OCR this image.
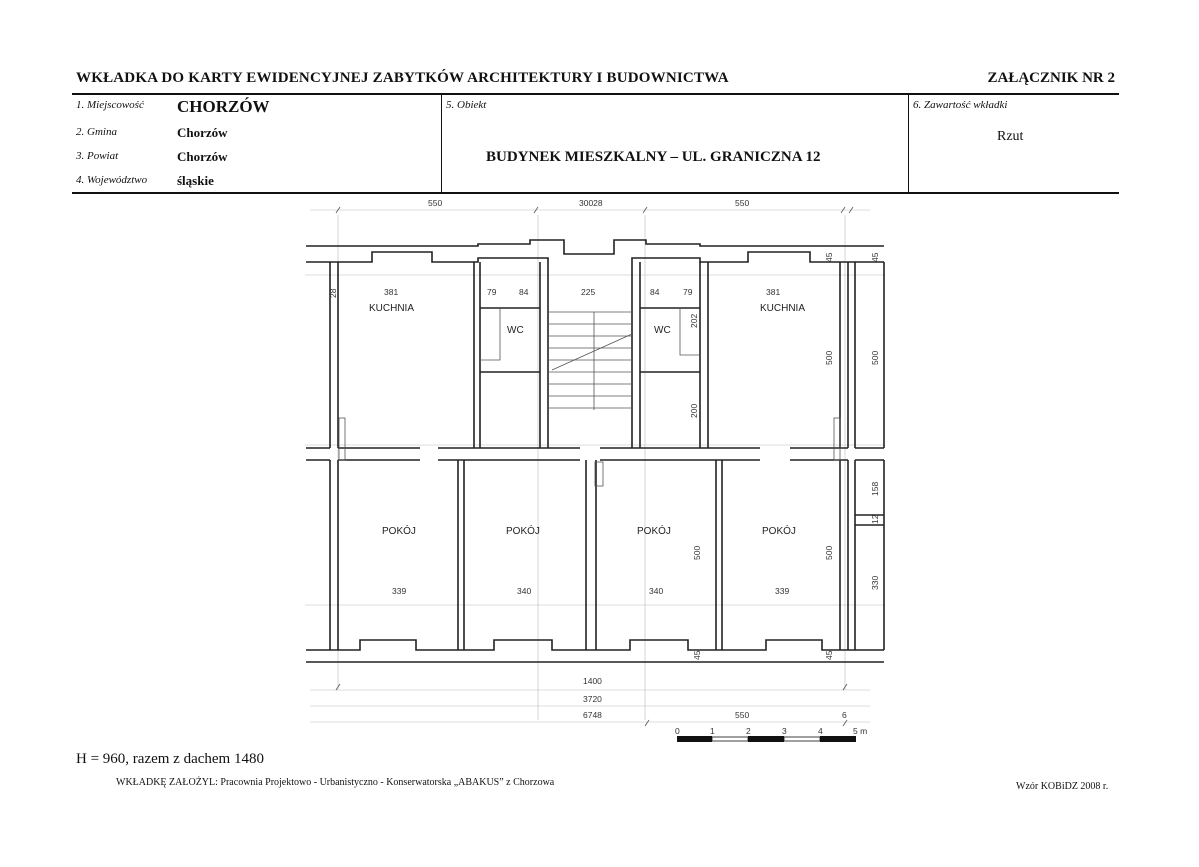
WKŁADKA DO KARTY EWIDENCYJNEJ ZABYTKÓW ARCHITEKTURY I BUDOWNICTWA	ZAŁĄCZNIK NR 2
1. Miejscowość CHORZÓW
2. Gmina	Chorzów
3. Powiat	Chorzów
4. Województwo śląskie
5. Obiekt
BUDYNEK MIESZKALNY – UL. GRANICZNA 12
6. Zawartość wkładki
Rzut
KUCHNIA	KUCHNIA
WC	WC
POKÓJ	POKÓJ	POKÓJ	POKÓJ
550	30028	550
381	381
79	84	225	84	79
339	340	340	339
500	500
500	500
200
202
45	45
45	45
158
12
330
28
1400
3720
6748	550	6
0	1	2	3	4	5 m
H = 960, razem z dachem 1480
WKŁADKĘ ZAŁOŻYL: Pracownia Projektowo - Urbanistyczno - Konserwatorska „ABAKUS” z Chorzowa	Wzór KOBiDZ 2008 r.
